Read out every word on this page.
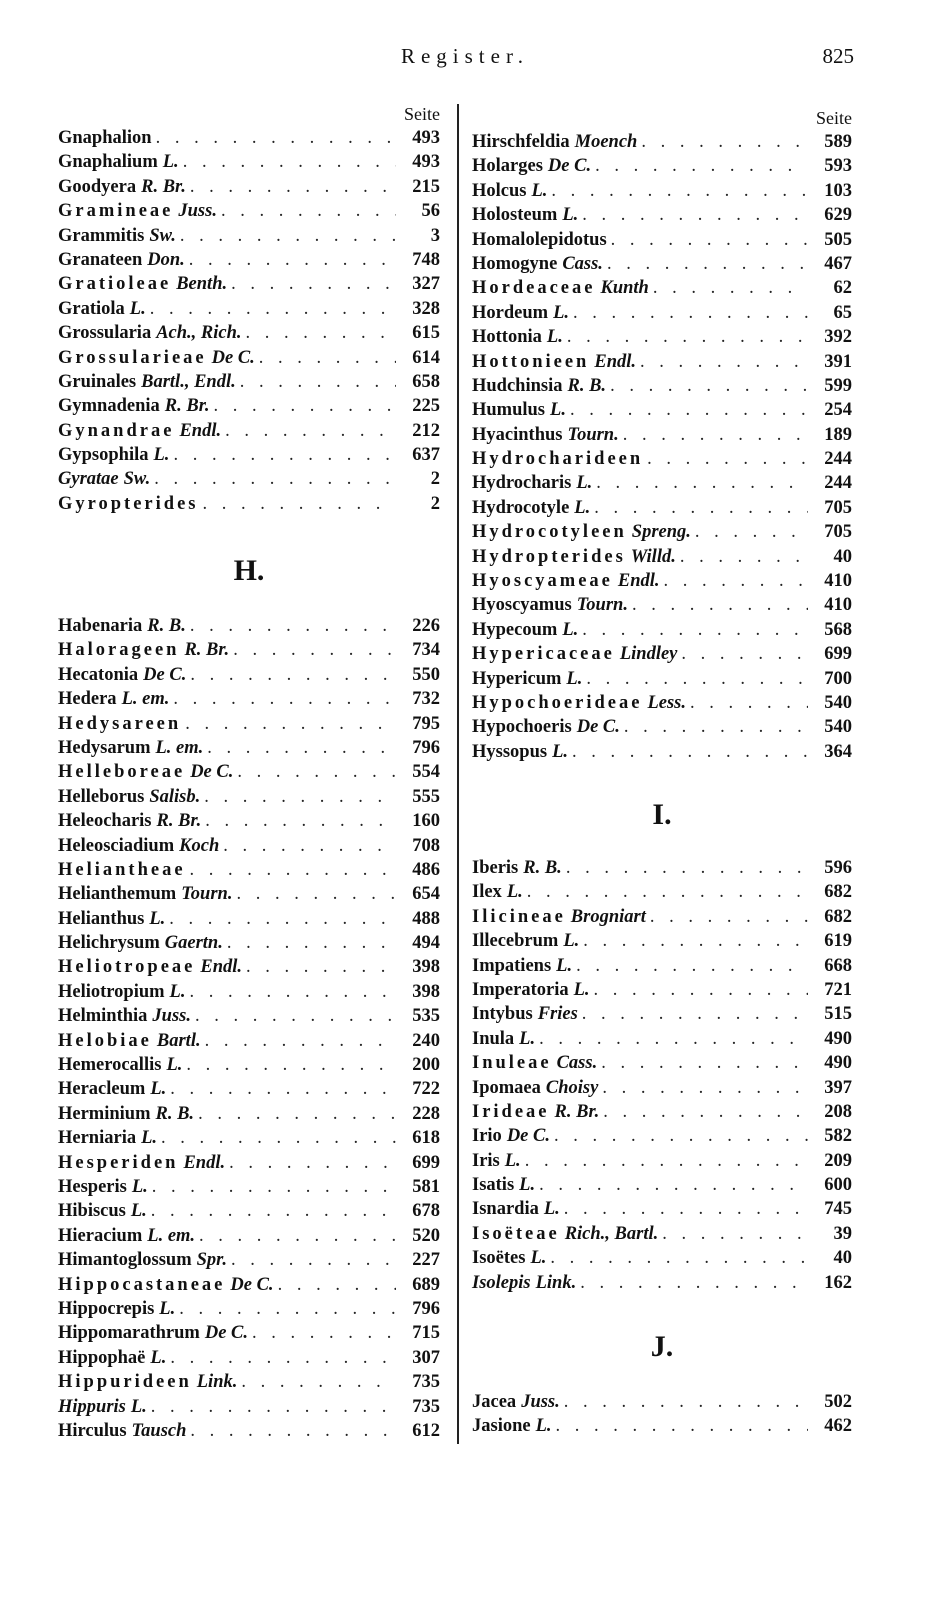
Register.	825
Seite
Gnaphalion . . .	493
Gnaphalium L. . . .	493
Goodyera R. Br. . . .	215
Gramineae Juss. . . .	56
Grammitis Sw. . . .	3
Granateen Don. . . .	748
Gratioleae Benth. . . .	327
Gratiola L. . . .	328
Grossularia Ach., Rich. . . .	615
Grossularieae De C. . . .	614
Gruinales Bartl., Endl. . . .	658
Gymnadenia R. Br. . . .	225
Gynandrae Endl. . . .	212
Gypsophila L. . . .	637
Gyratae Sw. . . .	2
Gyropterides . . .	2
H.
Habenaria R. B. . . .	226
Halorageen R. Br. . . .	734
Hecatonia De C. . . .	550
Hedera L. em. . . .	732
Hedysareen . . .	795
Hedysarum L. em. . . .	796
Helleboreae De C. . . .	554
Helleborus Salisb. . . .	555
Heleocharis R. Br. . . .	160
Heleosciadium Koch . . .	708
Heliantheae . . .	486
Helianthemum Tourn. . . .	654
Helianthus L. . . .	488
Helichrysum Gaertn. . . .	494
Heliotropeae Endl. . . .	398
Heliotropium L. . . .	398
Helminthia Juss. . . .	535
Helobiae Bartl. . . .	240
Hemerocallis L. . . .	200
Heracleum L. . . .	722
Herminium R. B. . . .	228
Herniaria L. . . .	618
Hesperiden Endl. . . .	699
Hesperis L. . . .	581
Hibiscus L. . . .	678
Hieracium L. em. . . .	520
Himantoglossum Spr. . . .	227
Hippocastaneae De C. . . .	689
Hippocrepis L. . . .	796
Hippomarathrum De C. . . .	715
Hippophaë L. . . .	307
Hippurideen Link. . . .	735
Hippuris L. . . .	735
Hirculus Tausch . . .	612
Seite
Hirschfeldia Moench . . .	589
Holarges De C. . . .	593
Holcus L. . . .	103
Holosteum L. . . .	629
Homalolepidotus . . .	505
Homogyne Cass. . . .	467
Hordeaceae Kunth . . .	62
Hordeum L. . . .	65
Hottonia L. . . .	392
Hottonieen Endl. . . .	391
Hudchinsia R. B. . . .	599
Humulus L. . . .	254
Hyacinthus Tourn. . . .	189
Hydrocharideen . . .	244
Hydrocharis L. . . .	244
Hydrocotyle L. . . .	705
Hydrocotyleen Spreng. . . .	705
Hydropterides Willd. . . .	40
Hyoscyameae Endl. . . .	410
Hyoscyamus Tourn. . . .	410
Hypecoum L. . . .	568
Hypericaceae Lindley . . .	699
Hypericum L. . . .	700
Hypochoerideae Less. . . .	540
Hypochoeris De C. . . .	540
Hyssopus L. . . .	364
I.
Iberis R. B. . . .	596
Ilex L. . . .	682
Ilicineae Brogniart . . .	682
Illecebrum L. . . .	619
Impatiens L. . . .	668
Imperatoria L. . . .	721
Intybus Fries . . .	515
Inula L. . . .	490
Inuleae Cass. . . .	490
Ipomaea Choisy . . .	397
Irideae R. Br. . . .	208
Irio De C. . . .	582
Iris L. . . .	209
Isatis L. . . .	600
Isnardia L. . . .	745
Isoëteae Rich., Bartl. . . .	39
Isoëtes L. . . .	40
Isolepis Link. . . .	162
J.
Jacea Juss. . . .	502
Jasione L. . . .	462
